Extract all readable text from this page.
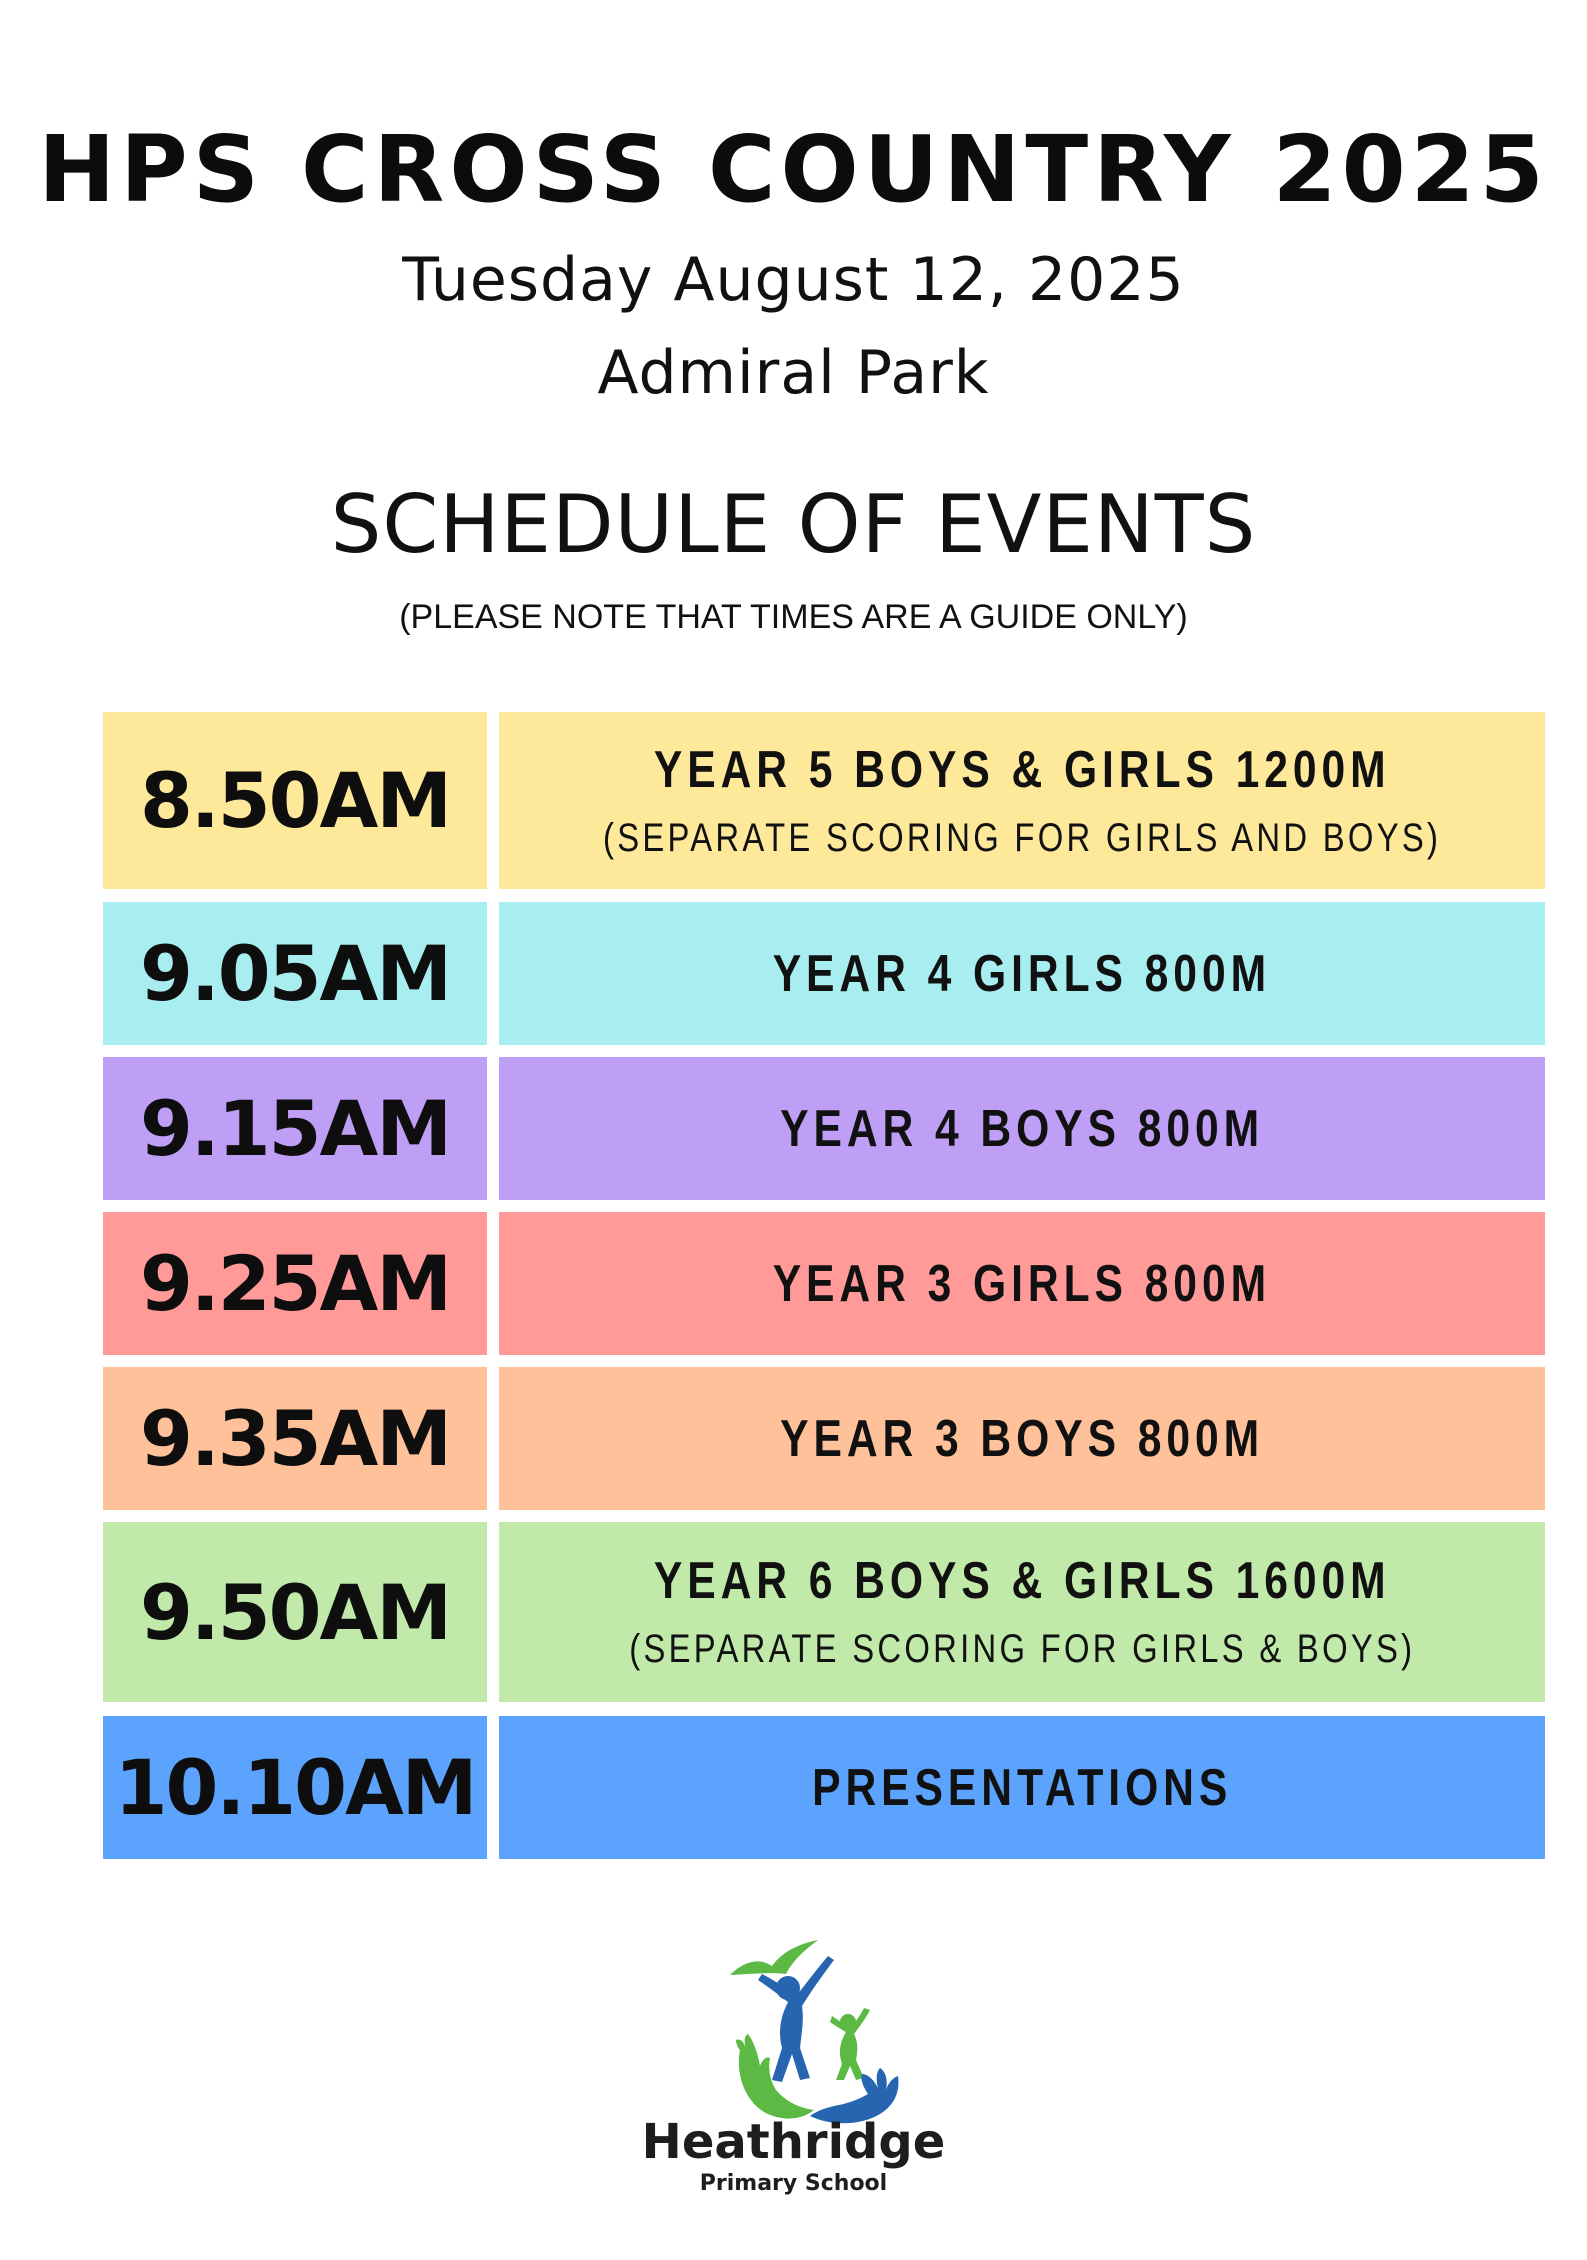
HPS CROSS COUNTRY 2025
Tuesday August 12, 2025
Admiral Park
SCHEDULE OF EVENTS
(PLEASE NOTE THAT TIMES ARE A GUIDE ONLY)
8.50AM	YEAR 5 BOYS & GIRLS 1200M
(SEPARATE SCORING FOR GIRLS AND BOYS)
9.05AM	YEAR 4 GIRLS 800M
9.15AM	YEAR 4 BOYS 800M
9.25AM	YEAR 3 GIRLS 800M
9.35AM	YEAR 3 BOYS 800M
9.50AM	YEAR 6 BOYS & GIRLS 1600M
(SEPARATE SCORING FOR GIRLS & BOYS)
10.10AM	PRESENTATIONS
Heathridge
Primary School
